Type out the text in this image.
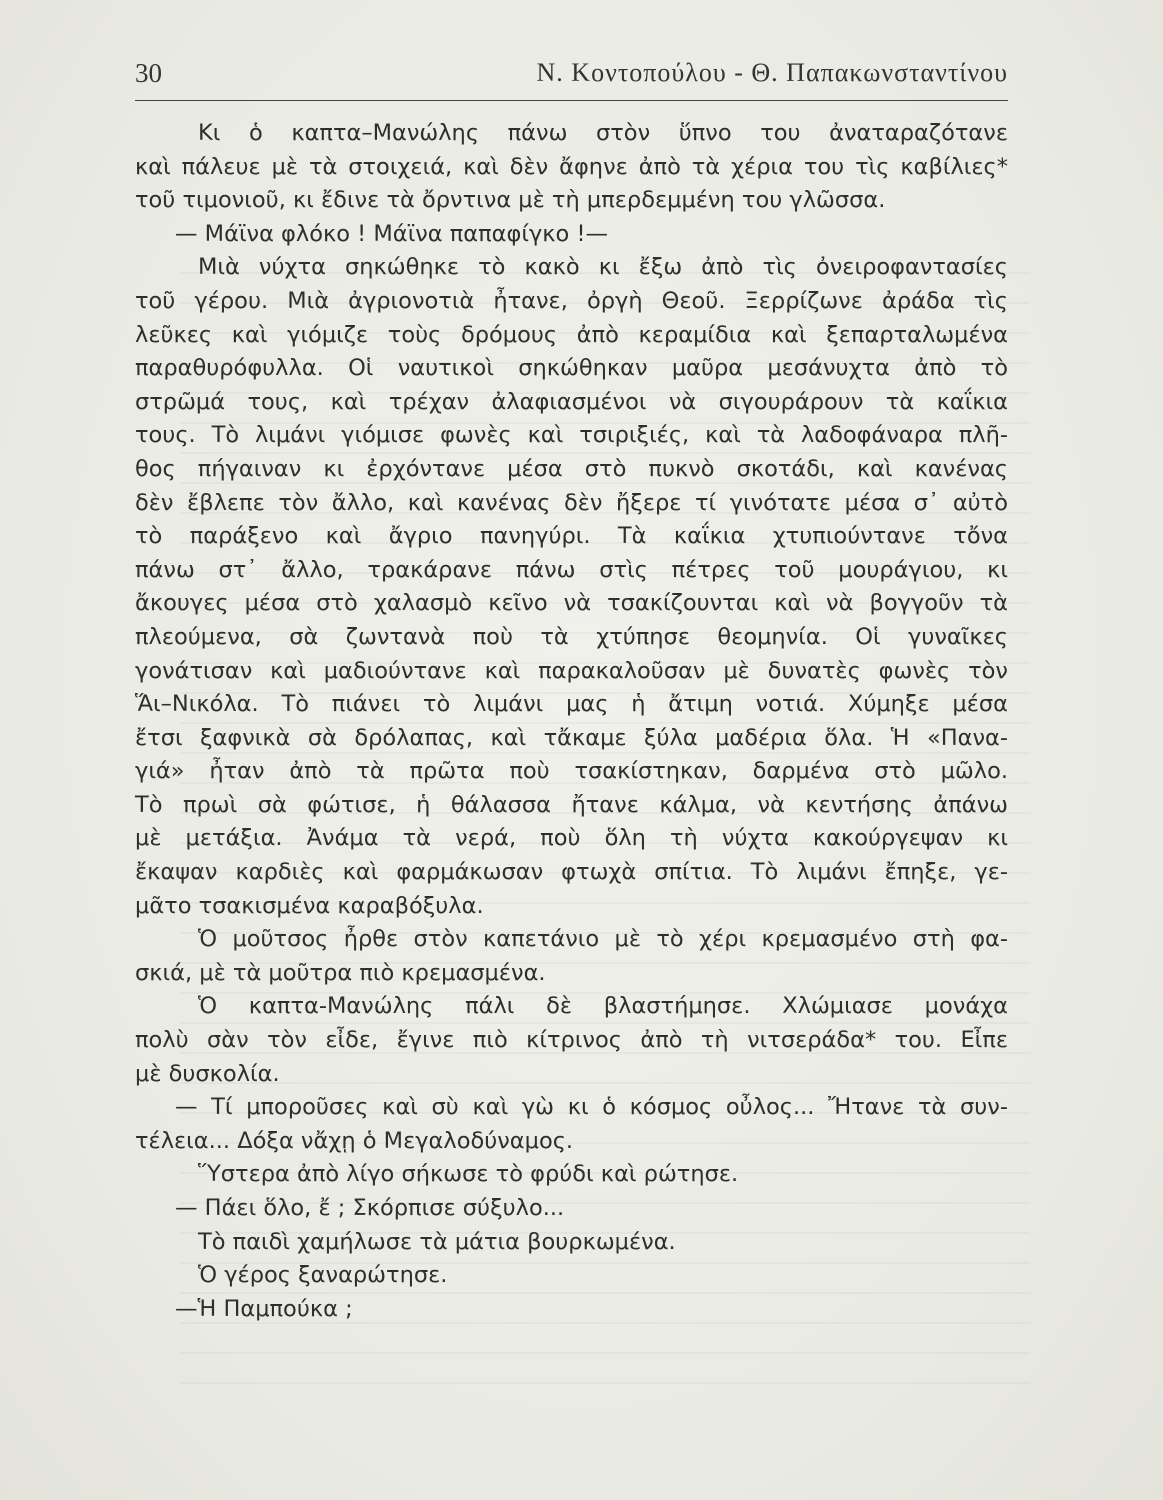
30	Ν. Κοντοπούλου - Θ. Παπακωνσταντίνου
Κι ὁ καπτα–Μανώλης πάνω στὸν ὕπνο του ἀναταραζότανε
καὶ πάλευε μὲ τὰ στοιχειά, καὶ δὲν ἄφηνε ἀπὸ τὰ χέρια του τὶς καβίλιες*
τοῦ τιμονιοῦ, κι ἔδινε τὰ ὄρντινα μὲ τὴ μπερδεμμένη του γλῶσσα.
— Μάϊνα φλόκο ! Μάϊνα παπαφίγκο !—
Μιὰ νύχτα σηκώθηκε τὸ κακὸ κι ἔξω ἀπὸ τὶς ὀνειροφαντασίες
τοῦ γέρου. Μιὰ ἀγριονοτιὰ ἦτανε, ὀργὴ Θεοῦ. Ξερρίζωνε ἀράδα τὶς
λεῦκες καὶ γιόμιζε τοὺς δρόμους ἀπὸ κεραμίδια καὶ ξεπαρταλωμένα
παραθυρόφυλλα. Οἱ ναυτικοὶ σηκώθηκαν μαῦρα μεσάνυχτα ἀπὸ τὸ
στρῶμά τους, καὶ τρέχαν ἀλαφιασμένοι νὰ σιγουράρουν τὰ καΐκια
τους. Τὸ λιμάνι γιόμισε φωνὲς καὶ τσιριξιές, καὶ τὰ λαδοφάναρα πλῆ-
θος πήγαιναν κι ἐρχόντανε μέσα στὸ πυκνὸ σκοτάδι, καὶ κανένας
δὲν ἔβλεπε τὸν ἄλλο, καὶ κανένας δὲν ἤξερε τί γινότατε μέσα σ᾽ αὐτὸ
τὸ παράξενο καὶ ἄγριο πανηγύρι. Τὰ καΐκια χτυπιούντανε τὄνα
πάνω στ᾽ ἄλλο, τρακάρανε πάνω στὶς πέτρες τοῦ μουράγιου, κι
ἄκουγες μέσα στὸ χαλασμὸ κεῖνο νὰ τσακίζουνται καὶ νὰ βογγοῦν τὰ
πλεούμενα, σὰ ζωντανὰ ποὺ τὰ χτύπησε θεομηνία. Οἱ γυναῖκες
γονάτισαν καὶ μαδιούντανε καὶ παρακαλοῦσαν μὲ δυνατὲς φωνὲς τὸν
Ἅι–Νικόλα. Τὸ πιάνει τὸ λιμάνι μας ἡ ἄτιμη νοτιά. Χύμηξε μέσα
ἔτσι ξαφνικὰ σὰ δρόλαπας, καὶ τἄκαμε ξύλα μαδέρια ὅλα. Ἡ «Πανα-
γιά» ἦταν ἀπὸ τὰ πρῶτα ποὺ τσακίστηκαν, δαρμένα στὸ μῶλο.
Τὸ πρωὶ σὰ φώτισε, ἡ θάλασσα ἤτανε κάλμα, νὰ κεντήσης ἀπάνω
μὲ μετάξια. Ἀνάμα τὰ νερά, ποὺ ὅλη τὴ νύχτα κακούργεψαν κι
ἔκαψαν καρδιὲς καὶ φαρμάκωσαν φτωχὰ σπίτια. Τὸ λιμάνι ἔπηξε, γε-
μᾶτο τσακισμένα καραβόξυλα.
Ὁ μοῦτσος ἦρθε στὸν καπετάνιο μὲ τὸ χέρι κρεμασμένο στὴ φα-
σκιά, μὲ τὰ μοῦτρα πιὸ κρεμασμένα.
Ὁ καπτα-Μανώλης πάλι δὲ βλαστήμησε. Χλώμιασε μονάχα
πολὺ σὰν τὸν εἶδε, ἔγινε πιὸ κίτρινος ἀπὸ τὴ νιτσεράδα* του. Εἶπε
μὲ δυσκολία.
— Τί μποροῦσες καὶ σὺ καὶ γὼ κι ὁ κόσμος οὖλος... Ἤτανε τὰ συν-
τέλεια... Δόξα νἄχῃ ὁ Μεγαλοδύναμος.
Ὕστερα ἀπὸ λίγο σήκωσε τὸ φρύδι καὶ ρώτησε.
— Πάει ὅλο, ἔ ; Σκόρπισε σύξυλο...
Τὸ παιδὶ χαμήλωσε τὰ μάτια βουρκωμένα.
Ὁ γέρος ξαναρώτησε.
—Ἡ Παμπούκα ;
